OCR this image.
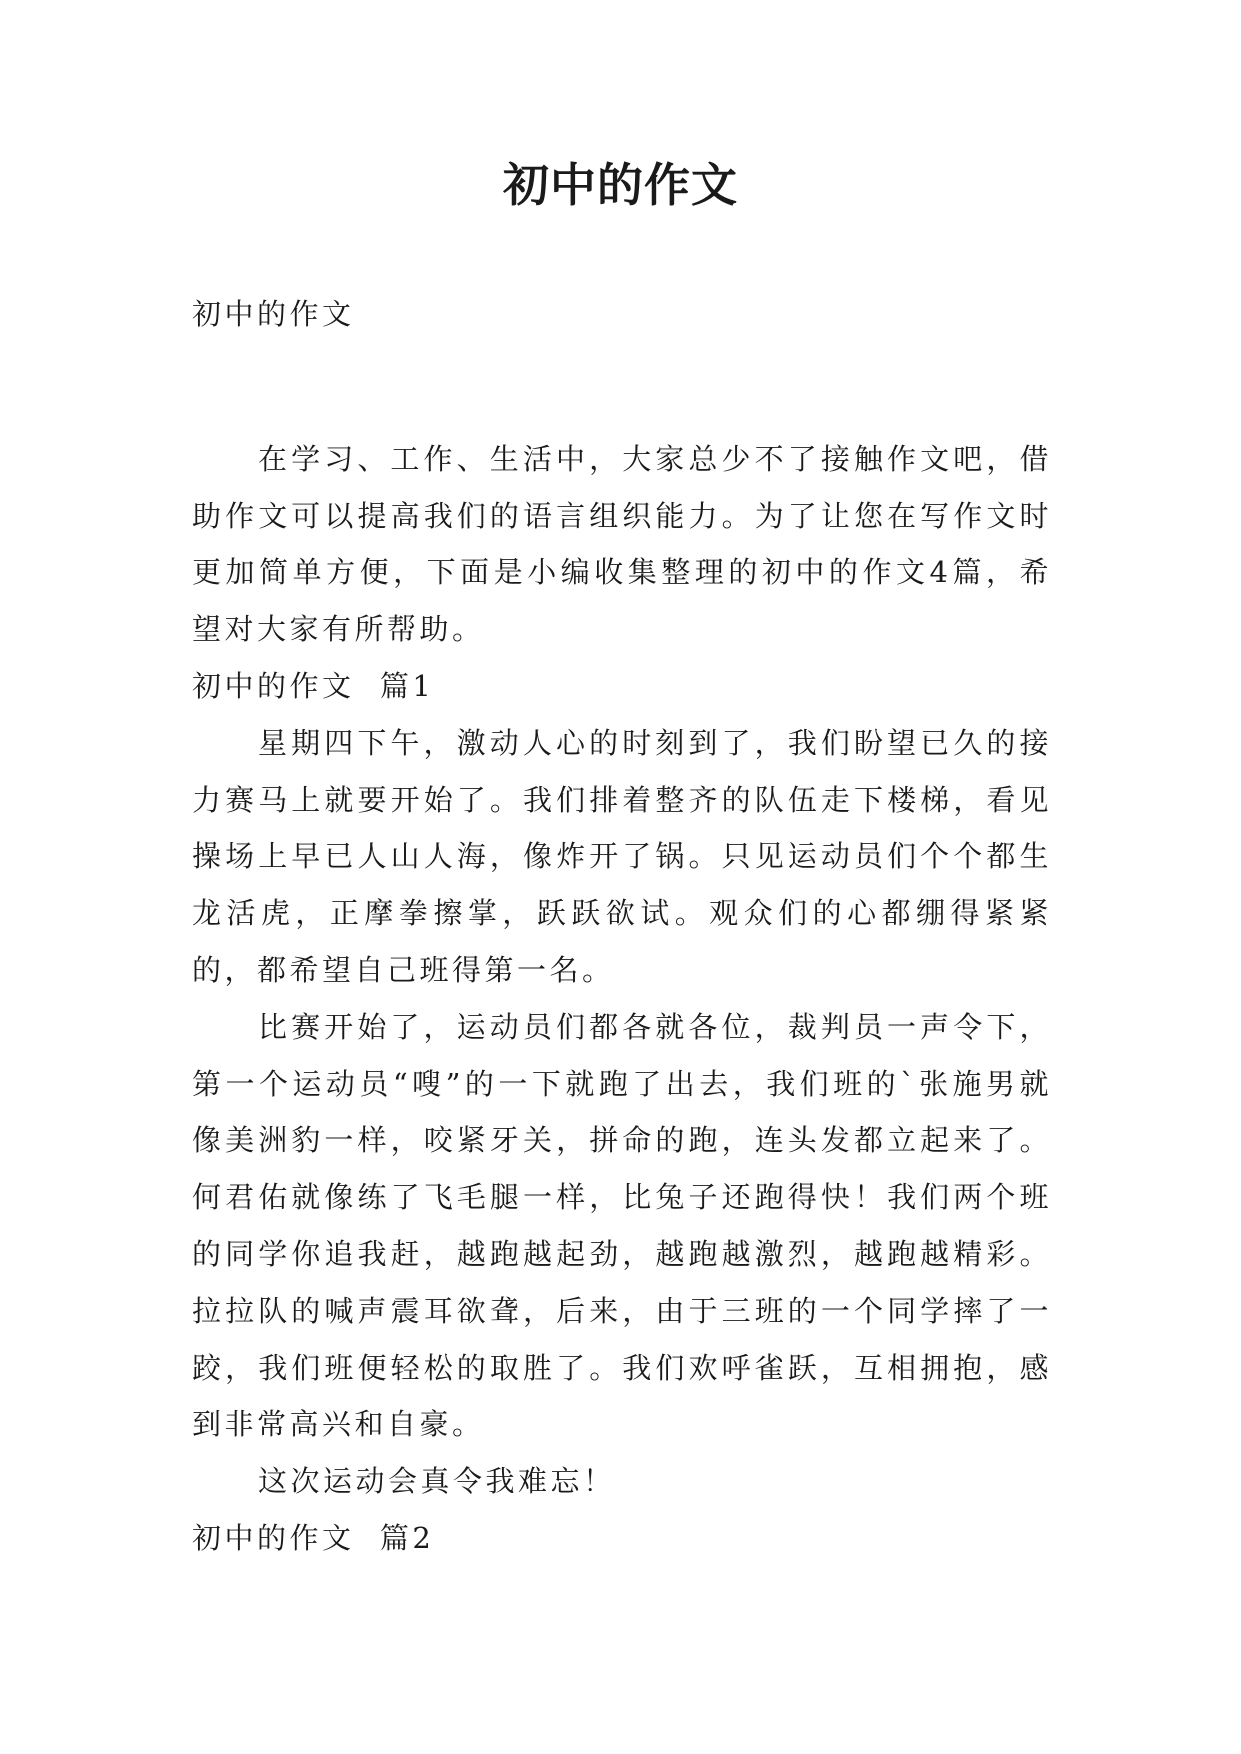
初中的作文

初中的作文

在学习、工作、生活中，大家总少不了接触作文吧，借助作文可以提高我们的语言组织能力。为了让您在写作文时更加简单方便，下面是小编收集整理的初中的作文4篇，希望对大家有所帮助。

初中的作文  篇1

星期四下午，激动人心的时刻到了，我们盼望已久的接力赛马上就要开始了。我们排着整齐的队伍走下楼梯，看见操场上早已人山人海，像炸开了锅。只见运动员们个个都生龙活虎，正摩拳擦掌，跃跃欲试。观众们的心都绷得紧紧的，都希望自己班得第一名。

比赛开始了，运动员们都各就各位，裁判员一声令下，第一个运动员“嗖”的一下就跑了出去，我们班的`张施男就像美洲豹一样，咬紧牙关，拼命的跑，连头发都立起来了。何君佑就像练了飞毛腿一样，比兔子还跑得快！我们两个班的同学你追我赶，越跑越起劲，越跑越激烈，越跑越精彩。拉拉队的喊声震耳欲聋，后来，由于三班的一个同学摔了一跤，我们班便轻松的取胜了。我们欢呼雀跃，互相拥抱，感到非常高兴和自豪。

这次运动会真令我难忘！

初中的作文  篇2
